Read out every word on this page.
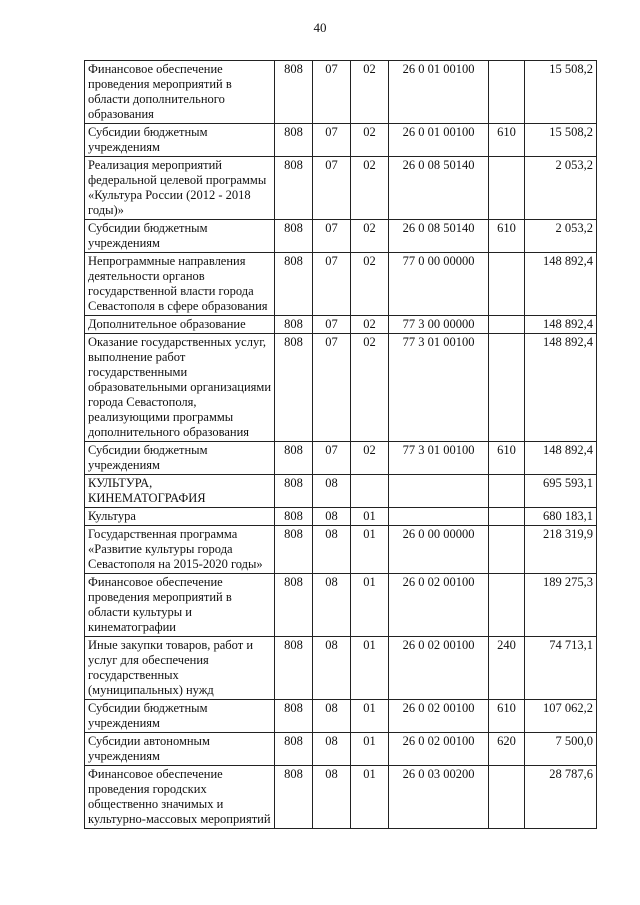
40
Финансовое обеспечение проведения мероприятий в области дополнительного образования	808	07	02	26 0 01 00100		15 508,2
Субсидии бюджетным учреждениям	808	07	02	26 0 01 00100	610	15 508,2
Реализация мероприятий федеральной целевой программы «Культура России (2012 - 2018 годы)»	808	07	02	26 0 08 50140		2 053,2
Субсидии бюджетным учреждениям	808	07	02	26 0 08 50140	610	2 053,2
Непрограммные направления деятельности органов государственной власти города Севастополя в сфере образования	808	07	02	77 0 00 00000		148 892,4
Дополнительное образование	808	07	02	77 3 00 00000		148 892,4
Оказание государственных услуг, выполнение работ государственными образовательными организациями города Севастополя, реализующими программы дополнительного образования	808	07	02	77 3 01 00100		148 892,4
Субсидии бюджетным учреждениям	808	07	02	77 3 01 00100	610	148 892,4
КУЛЬТУРА, КИНЕМАТОГРАФИЯ	808	08				695 593,1
Культура	808	08	01			680 183,1
Государственная программа «Развитие культуры города Севастополя на 2015-2020 годы»	808	08	01	26 0 00 00000		218 319,9
Финансовое обеспечение проведения мероприятий в области культуры и кинематографии	808	08	01	26 0 02 00100		189 275,3
Иные закупки товаров, работ и услуг для обеспечения государственных (муниципальных) нужд	808	08	01	26 0 02 00100	240	74 713,1
Субсидии бюджетным учреждениям	808	08	01	26 0 02 00100	610	107 062,2
Субсидии автономным учреждениям	808	08	01	26 0 02 00100	620	7 500,0
Финансовое обеспечение проведения городских общественно значимых и культурно-массовых мероприятий	808	08	01	26 0 03 00200		28 787,6
